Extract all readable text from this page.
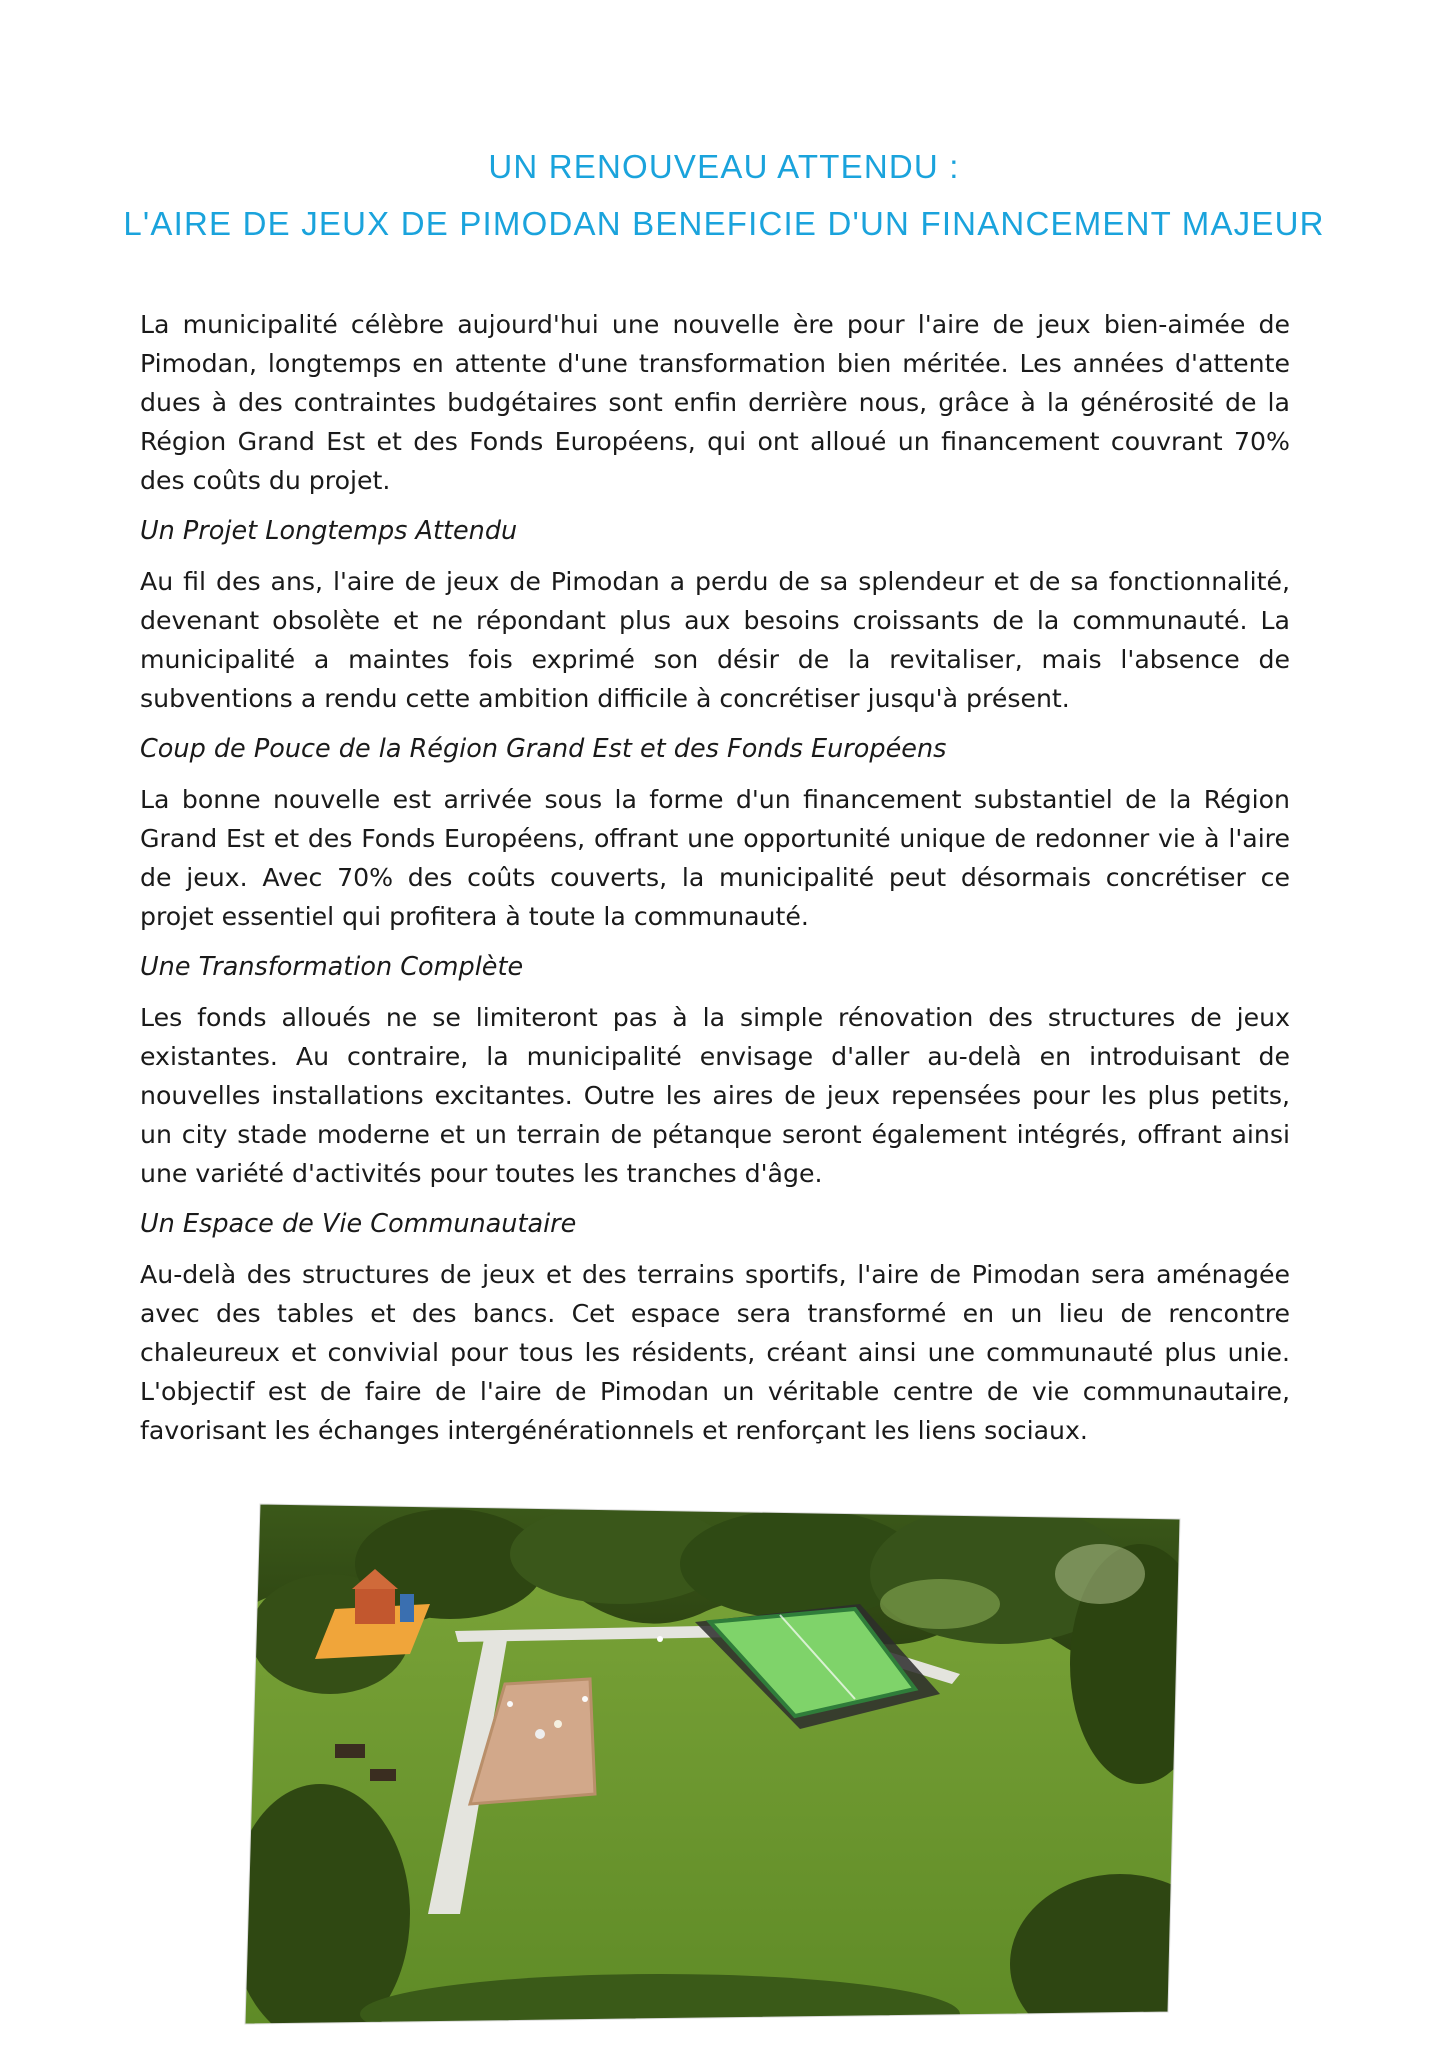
UN RENOUVEAU ATTENDU :
L'AIRE DE JEUX DE PIMODAN BENEFICIE D'UN FINANCEMENT MAJEUR

La municipalité célèbre aujourd'hui une nouvelle ère pour l'aire de jeux bien-aimée de Pimodan, longtemps en attente d'une transformation bien méritée. Les années d'attente dues à des contraintes budgétaires sont enfin derrière nous, grâce à la générosité de la Région Grand Est et des Fonds Européens, qui ont alloué un financement couvrant 70% des coûts du projet.

Un Projet Longtemps Attendu

Au fil des ans, l'aire de jeux de Pimodan a perdu de sa splendeur et de sa fonctionnalité, devenant obsolète et ne répondant plus aux besoins croissants de la communauté. La municipalité a maintes fois exprimé son désir de la revitaliser, mais l'absence de subventions a rendu cette ambition difficile à concrétiser jusqu'à présent.

Coup de Pouce de la Région Grand Est et des Fonds Européens

La bonne nouvelle est arrivée sous la forme d'un financement substantiel de la Région Grand Est et des Fonds Européens, offrant une opportunité unique de redonner vie à l'aire de jeux. Avec 70% des coûts couverts, la municipalité peut désormais concrétiser ce projet essentiel qui profitera à toute la communauté.

Une Transformation Complète

Les fonds alloués ne se limiteront pas à la simple rénovation des structures de jeux existantes. Au contraire, la municipalité envisage d'aller au-delà en introduisant de nouvelles installations excitantes. Outre les aires de jeux repensées pour les plus petits, un city stade moderne et un terrain de pétanque seront également intégrés, offrant ainsi une variété d'activités pour toutes les tranches d'âge.

Un Espace de Vie Communautaire

Au-delà des structures de jeux et des terrains sportifs, l'aire de Pimodan sera aménagée avec des tables et des bancs. Cet espace sera transformé en un lieu de rencontre chaleureux et convivial pour tous les résidents, créant ainsi une communauté plus unie. L'objectif est de faire de l'aire de Pimodan un véritable centre de vie communautaire, favorisant les échanges intergénérationnels et renforçant les liens sociaux.
